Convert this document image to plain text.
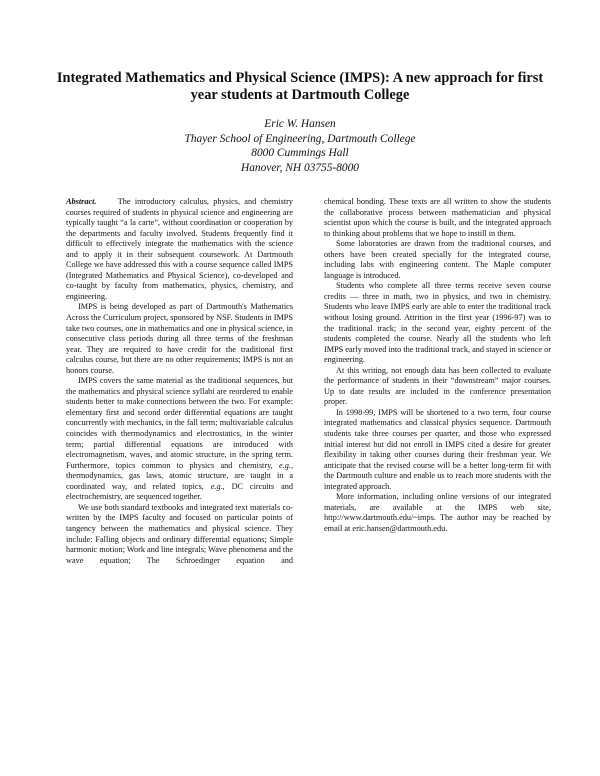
Integrated Mathematics and Physical Science (IMPS): A new approach for first
year students at Dartmouth College
Eric W. Hansen
Thayer School of Engineering, Dartmouth College
8000 Cummings Hall
Hanover, NH 03755-8000

Abstract.	The introductory calculus, physics, and chemistry courses required of students in physical science and engineering are typically taught “a la carte”, without coordination or cooperation by the departments and faculty involved. Students frequently find it difficult to effectively integrate the mathematics with the science and to apply it in their subsequent coursework. At Dartmouth College we have addressed this with a course sequence called IMPS (Integrated Mathematics and Physical Science), co-developed and co-taught by faculty from mathematics, physics, chemistry, and engineering.

IMPS is being developed as part of Dartmouth's Mathematics Across the Curriculum project, sponsored by NSF. Students in IMPS take two courses, one in mathematics and one in physical science, in consecutive class periods during all three terms of the freshman year. They are required to have credit for the traditional first calculus course, but there are no other requirements; IMPS is not an honors course.

IMPS covers the same material as the traditional sequences, but the mathematics and physical science syllabi are reordered to enable students better to make connections between the two. For example: elementary first and second order differential equations are taught concurrently with mechanics, in the fall term; multivariable calculus coincides with thermodynamics and electrostatics, in the winter term; partial differential equations are introduced with electromagnetism, waves, and atomic structure, in the spring term. Furthermore, topics common to physics and chemistry, e.g., thermodynamics, gas laws, atomic structure, are taught in a coordinated way, and related topics, e.g., DC circuits and electrochemistry, are sequenced together.

We use both standard textbooks and integrated text materials co-written by the IMPS faculty and focused on particular points of tangency between the mathematics and physical science. They include: Falling objects and ordinary differential equations; Simple harmonic motion; Work and line integrals; Wave phenomena and the wave equation; The Schroedinger equation and

chemical bonding. These texts are all written to show the students the collaborative process between mathematician and physical scientist upon which the course is built, and the integrated approach to thinking about problems that we hope to instill in them.

Some laboratories are drawn from the traditional courses, and others have been created specially for the integrated course, including labs with engineering content. The Maple computer language is introduced.

Students who complete all three terms receive seven course credits — three in math, two in physics, and two in chemistry. Students who leave IMPS early are able to enter the traditional track without losing ground. Attrition in the first year (1996-97) was to the traditional track; in the second year, eighty percent of the students completed the course. Nearly all the students who left IMPS early moved into the traditional track, and stayed in science or engineering.

At this writing, not enough data has been collected to evaluate the performance of students in their “downstream” major courses. Up to date results are included in the conference presentation proper.

In 1998-99, IMPS will be shortened to a two term, four course integrated mathematics and classical physics sequence. Dartmouth students take three courses per quarter, and those who expressed initial interest but did not enroll in IMPS cited a desire for greater flexibility in taking other courses during their freshman year. We anticipate that the revised course will be a better long-term fit with the Dartmouth culture and enable us to reach more students with the integrated approach.

More information, including online versions of our integrated materials, are available at the IMPS web site, http://www.dartmouth.edu/~imps. The author may be reached by email at eric.hansen@dartmouth.edu.
